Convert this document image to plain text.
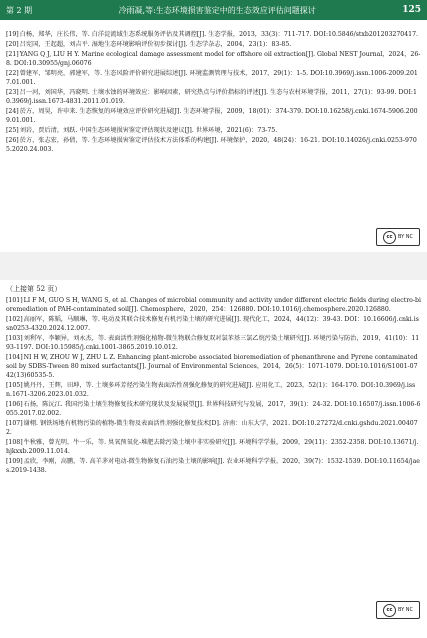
第 2 期	冷雨凝,等:生态环境损害鉴定中的生态效应评估问题探讨	125

[19]白杨，郑华，庄长伟，等. 白洋淀流域生态系统服务评估及其调控[J]. 生态学报，2013，33(3)：711-717. DOI:10.5846/stxb201203270417.

[20]吕宪国，王起超，刘吉平. 湿地生态环境影响评价初步探讨[J]. 生态学杂志，2004，23(1)：83-85.

[21]YANG Q J, LIU H Y. Marine ecological damage assessment model for offshore oil extraction[J]. Global NEST Journal，2024，26-8. DOI:10.30955/gnj.06076

[22]曾建军，邹明亮，郭建军，等. 生态风险评价研究进展综述[J]. 环境监测管理与技术，2017，29(1)：1-5. DOI:10.3969/j.issn.1006-2009.2017.01.001.

[23]吕一河，刘国华，冯晓明. 土壤水蚀的环境效应：影响因素，研究热点与评价指标的评述[J]. 生态与农村环境学报，2011，27(1)：93-99. DOI:10.3969/j.issn.1673-4831.2011.01.019.

[24]於方，周昊，许申来. 生态恢复的环境效应评价研究进展[J]. 生态环境学报，2009，18(01)：374-379. DOI:10.16258/j.cnki.1674-5906.2009.01.001.

[25]刘岩，贾后清，刘跃. 中国生态环境损害鉴定评估现状及建议[J]. 世界环境，2021(6)：73-75.

[26]於方，张志宏，孙倩，等. 生态环境损害鉴定评估技术方法体系的构建[J]. 环境保护，2020，48(24)：16-21. DOI:10.14026/j.cnki.0253-9705.2020.24.003.

cc	BY NC
（上接第 52 页）

[101]LI F M, GUO S H, WANG S, et al. Changes of microbial community and activity under different electric fields during electro-bioremediation of PAH-contaminated soil[J]. Chemosphere，2020，254：126880. DOI:10.1016/j.chemosphere.2020.126880.

[102]高丽军，陈韬，马顺琳，等. 电动及其联合技术修复有机污染土壤的研究进展[J]. 现代化工，2024，44(12)：39-43. DOI：10.16606/j.cnki.issn0253-4320.2024.12.007.

[103]刘利军，李颖异，刘永杰，等. 表面活性剂强化植物-微生物联合修复双对氯苯基三氯乙烷污染土壤研究[J]. 环境污染与防治，2019，41(10)：1193-1197. DOI:10.15985/j.cnki.1001-3865.2019.10.012.

[104]NI H W, ZHOU W J, ZHU L Z. Enhancing plant-microbe associated bioremediation of phenanthrene and Pyrene contaminated soil by SDBS-Tween 80 mixed surfactants[J]. Journal of Environmental Sciences，2014，26(5)：1071-1079. DOI:10.1016/S1001-0742(13)60535-5.

[105]姚丹丹，王辉，田坤，等. 土壤多环芳烃污染生物表面活性剂强化修复的研究进展[J]. 应用化工，2023，52(1)：164-170. DOI:10.3969/j.issn.1671-3206.2023.01.032.

[106]石扬，陈沅江. 我国污染土壤生物修复技术研究现状及发展展望[J]. 世界科技研究与发展，2017，39(1)：24-32. DOI:10.16507/j.issn.1006-6055.2017.02.002.

[107]谢栩. 钢铁场地有机物污染的植物-微生物及表面活性剂强化修复技术[D]. 济南：山东大学，2021. DOI:10.27272/d.cnki.gshdu.2021.004072.

[108]牛秋雅，曾光明，牛一乐，等. 臭氧预氧化-堆肥去除污染土壤中非实验研究[J]. 环境科学学报，2009，29(11)：2352-2358. DOI:10.13671/j.hjkxxb.2009.11.014.

[109]孟欣，李刚，高鹏，等. 高羊茅对电动-微生物修复石油污染土壤的影响[J]. 农业环境科学学报，2020，39(7)：1532-1539. DOI:10.11654/jaes.2019-1438.

cc	BY NC
